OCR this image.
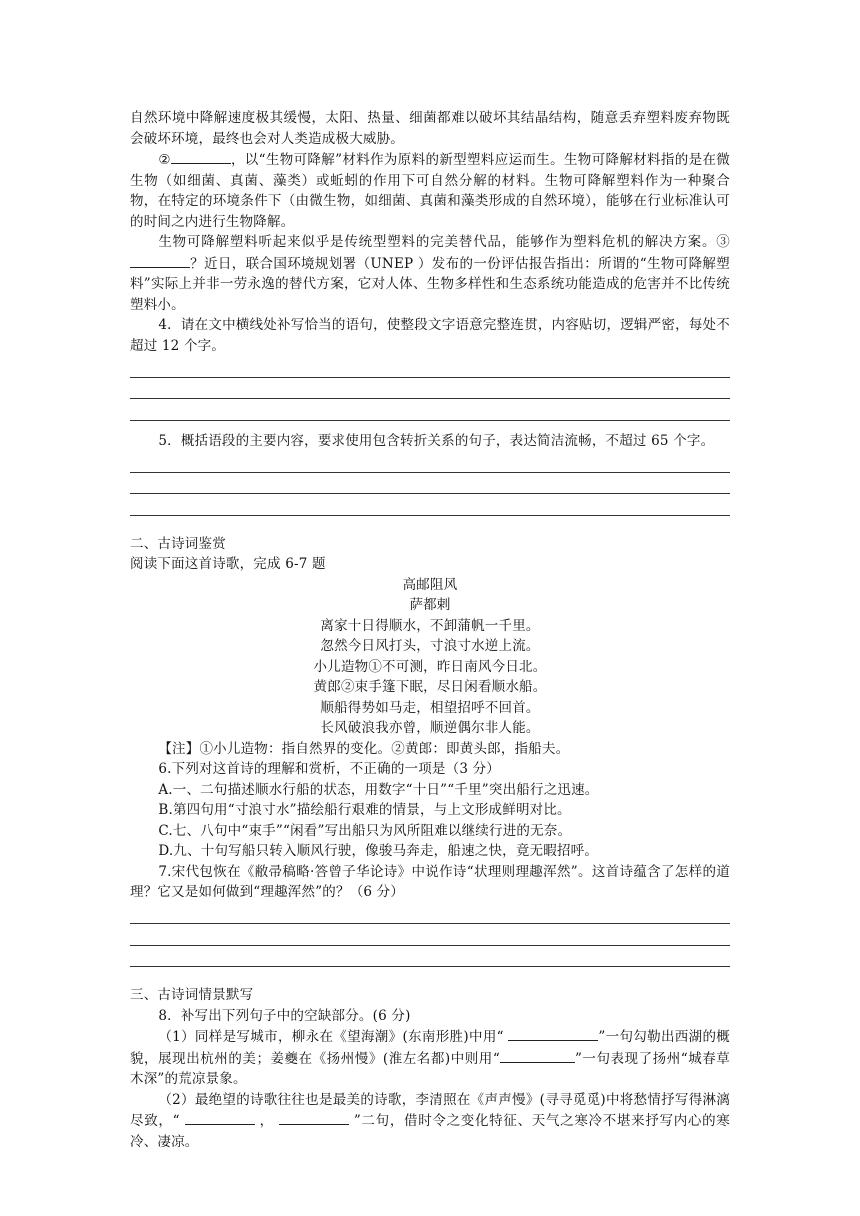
自然环境中降解速度极其缓慢，太阳、热量、细菌都难以破坏其结晶结构，随意丢弃塑料废弃物既会破坏环境，最终也会对人类造成极大威胁。

②	，以“生物可降解”材料作为原料的新型塑料应运而生。生物可降解材料指的是在微生物（如细菌、真菌、藻类）或蚯蚓的作用下可自然分解的材料。生物可降解塑料作为一种聚合物，在特定的环境条件下（由微生物，如细菌、真菌和藻类形成的自然环境），能够在行业标准认可的时间之内进行生物降解。

生物可降解塑料听起来似乎是传统型塑料的完美替代品，能够作为塑料危机的解决方案。③？近日，联合国环境规划署（UNEP ）发布的一份评估报告指出：所谓的“生物可降解塑料”实际上并非一劳永逸的替代方案，它对人体、生物多样性和生态系统功能造成的危害并不比传统塑料小。

4．请在文中横线处补写恰当的语句，使整段文字语意完整连贯，内容贴切，逻辑严密，每处不超过 12 个字。

5．概括语段的主要内容，要求使用包含转折关系的句子，表达简洁流畅，不超过 65 个字。

二、古诗词鉴赏

阅读下面这首诗歌，完成 6-7 题

高邮阻风

萨都剌

离家十日得顺水，不卸蒲帆一千里。

忽然今日风打头，寸浪寸水逆上流。

小儿造物①不可测，昨日南风今日北。

黄郎②束手篷下眠，尽日闲看顺水船。

顺船得势如马走，相望招呼不回首。

长风破浪我亦曾，顺逆偶尔非人能。

【注】①小儿造物：指自然界的变化。②黄郎：即黄头郎，指船夫。

6.下列对这首诗的理解和赏析，不正确的一项是（3 分）

A.一、二句描述顺水行船的状态，用数字“十日”“千里”突出船行之迅速。

B.第四句用“寸浪寸水”描绘船行艰难的情景，与上文形成鲜明对比。

C.七、八句中“束手”“闲看”写出船只为风所阻难以继续行进的无奈。

D.九、十句写船只转入顺风行驶，像骏马奔走，船速之快，竟无暇招呼。

7.宋代包恢在《敝帚稿略·答曾子华论诗》中说作诗“状理则理趣浑然”。这首诗蕴含了怎样的道理？它又是如何做到“理趣浑然”的？（6 分）

三、古诗词情景默写

8．补写出下列句子中的空缺部分。(6 分)

（1）同样是写城市，柳永在《望海潮》(东南形胜)中用“	”一句勾勒出西湖的概貌，展现出杭州的美；姜夔在《扬州慢》(淮左名都)中则用“	”一句表现了扬州“城春草木深”的荒凉景象。

（2）最绝望的诗歌往往也是最美的诗歌，李清照在《声声慢》(寻寻觅觅)中将愁情抒写得淋漓尽致，“	，	”二句，借时令之变化特征、天气之寒冷不堪来抒写内心的寒冷、凄凉。
